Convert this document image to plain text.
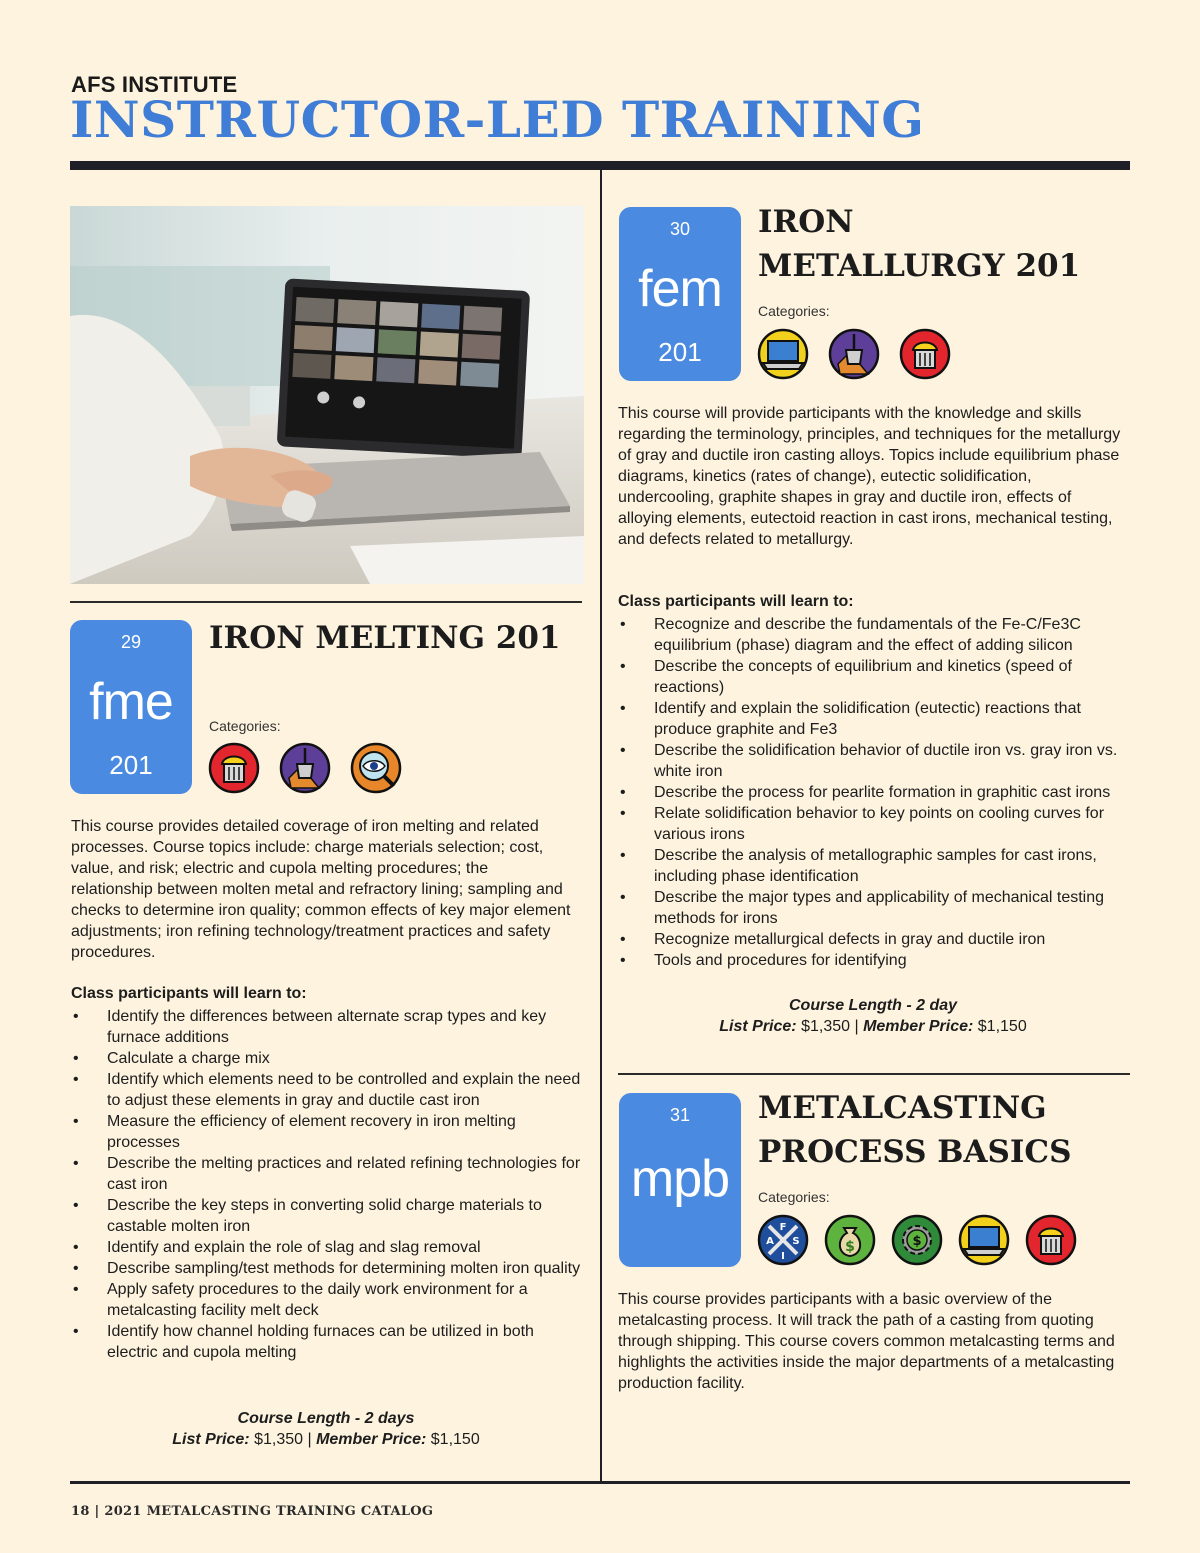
AFS INSTITUTE
INSTRUCTOR-LED TRAINING
29
fme
201
IRON MELTING 201
Categories:
This course provides detailed coverage of iron melting and related processes. Course topics include: charge materials selection; cost, value, and risk; electric and cupola melting procedures; the relationship between molten metal and refractory lining; sampling and checks to determine iron quality; common effects of key major element adjustments; iron refining technology/treatment practices and safety procedures.
Class participants will learn to:
• Identify the differences between alternate scrap types and key furnace additions
• Calculate a charge mix
• Identify which elements need to be controlled and explain the need to adjust these elements in gray and ductile cast iron
• Measure the efficiency of element recovery in iron melting processes
• Describe the melting practices and related refining technologies for cast iron
• Describe the key steps in converting solid charge materials to castable molten iron
• Identify and explain the role of slag and slag removal
• Describe sampling/test methods for determining molten iron quality
• Apply safety procedures to the daily work environment for a metalcasting facility melt deck
• Identify how channel holding furnaces can be utilized in both electric and cupola melting
Course Length - 2 days
List Price: $1,350 | Member Price: $1,150
30
fem
201
IRON
METALLURGY 201
Categories:
This course will provide participants with the knowledge and skills regarding the terminology, principles, and techniques for the metallurgy of gray and ductile iron casting alloys. Topics include equilibrium phase diagrams, kinetics (rates of change), eutectic solidification, undercooling, graphite shapes in gray and ductile iron, effects of alloying elements, eutectoid reaction in cast irons, mechanical testing, and defects related to metallurgy.
Class participants will learn to:
• Recognize and describe the fundamentals of the Fe-C/Fe3C equilibrium (phase) diagram and the effect of adding silicon
• Describe the concepts of equilibrium and kinetics (speed of reactions)
• Identify and explain the solidification (eutectic) reactions that produce graphite and Fe3
• Describe the solidification behavior of ductile iron vs. gray iron vs. white iron
• Describe the process for pearlite formation in graphitic cast irons
• Relate solidification behavior to key points on cooling curves for various irons
• Describe the analysis of metallographic samples for cast irons, including phase identification
• Describe the major types and applicability of mechanical testing methods for irons
• Recognize metallurgical defects in gray and ductile iron
• Tools and procedures for identifying
Course Length - 2 day
List Price: $1,350 | Member Price: $1,150
31
mpb
METALCASTING
PROCESS BASICS
Categories:
F
A
I
S	$	$
This course provides participants with a basic overview of the metalcasting process. It will track the path of a casting from quoting through shipping. This course covers common metalcasting terms and highlights the activities inside the major departments of a metalcasting production facility.
18 | 2021 METALCASTING TRAINING CATALOG
